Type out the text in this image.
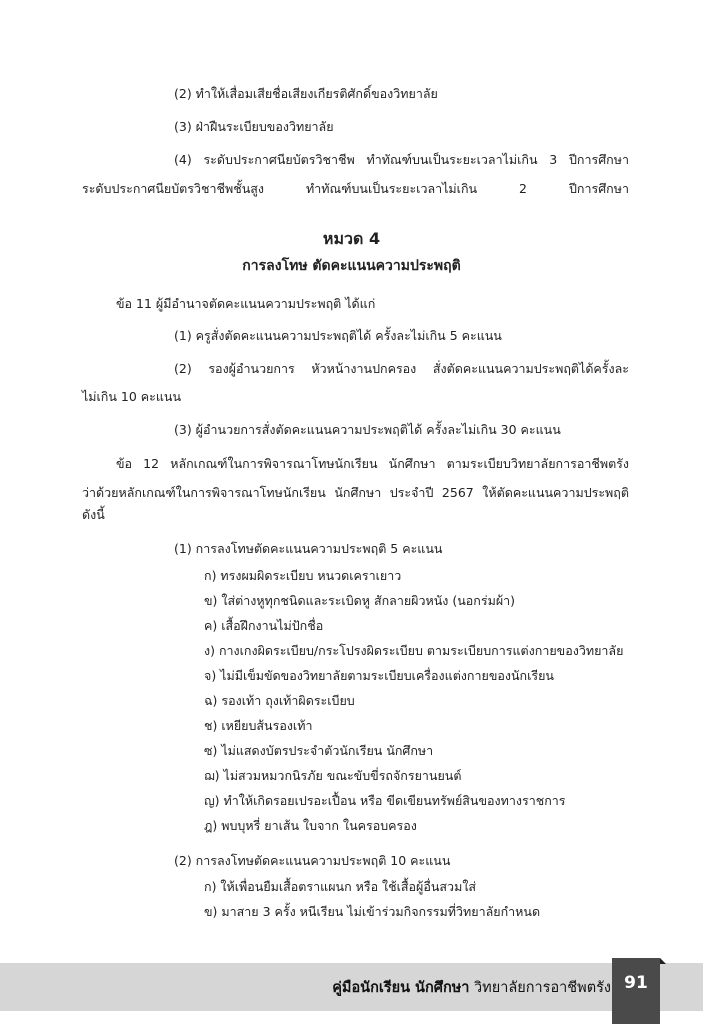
(2) ทำให้เสื่อมเสียชื่อเสียงเกียรติศักดิ์ของวิทยาลัย
(3) ฝ่าฝืนระเบียบของวิทยาลัย
(4) ระดับประกาศนียบัตรวิชาชีพ ทำทัณฑ์บนเป็นระยะเวลาไม่เกิน 3 ปีการศึกษา
ระดับประกาศนียบัตรวิชาชีพชั้นสูง ทำทัณฑ์บนเป็นระยะเวลาไม่เกิน 2 ปีการศึกษา
หมวด 4
การลงโทษ ตัดคะแนนความประพฤติ
ข้อ 11 ผู้มีอำนาจตัดคะแนนความประพฤติ ได้แก่
(1) ครูสั่งตัดคะแนนความประพฤติได้ ครั้งละไม่เกิน 5 คะแนน
(2) รองผู้อำนวยการ หัวหน้างานปกครอง สั่งตัดคะแนนความประพฤติได้ครั้งละ
ไม่เกิน 10 คะแนน
(3) ผู้อำนวยการสั่งตัดคะแนนความประพฤติได้ ครั้งละไม่เกิน 30 คะแนน
ข้อ 12 หลักเกณฑ์ในการพิจารณาโทษนักเรียน นักศึกษา ตามระเบียบวิทยาลัยการอาชีพตรัง
ว่าด้วยหลักเกณฑ์ในการพิจารณาโทษนักเรียน นักศึกษา ประจำปี 2567 ให้ตัดคะแนนความประพฤติ
ดังนี้
(1) การลงโทษตัดคะแนนความประพฤติ 5 คะแนน
ก) ทรงผมผิดระเบียบ หนวดเคราเยาว
ข) ใส่ต่างหูทุกชนิดและระเบิดหู สักลายผิวหนัง (นอกร่มผ้า)
ค) เสื้อฝึกงานไม่ปักชื่อ
ง) กางเกงผิดระเบียบ/กระโปรงผิดระเบียบ ตามระเบียบการแต่งกายของวิทยาลัย
จ) ไม่มีเข็มขัดของวิทยาลัยตามระเบียบเครื่องแต่งกายของนักเรียน
ฉ) รองเท้า ถุงเท้าผิดระเบียบ
ช) เหยียบส้นรองเท้า
ซ) ไม่แสดงบัตรประจำตัวนักเรียน นักศึกษา
ฌ) ไม่สวมหมวกนิรภัย ขณะขับขี่รถจักรยานยนต์
ญ) ทำให้เกิดรอยเปรอะเปื้อน หรือ ขีดเขียนทรัพย์สินของทางราชการ
ฎ) พบบุหรี่ ยาเส้น ใบจาก ในครอบครอง
(2) การลงโทษตัดคะแนนความประพฤติ 10 คะแนน
ก) ให้เพื่อนยืมเสื้อตราแผนก หรือ ใช้เสื้อผู้อื่นสวมใส่
ข) มาสาย 3 ครั้ง หนีเรียน ไม่เข้าร่วมกิจกรรมที่วิทยาลัยกำหนด
คู่มือนักเรียน นักศึกษา วิทยาลัยการอาชีพตรัง 91
